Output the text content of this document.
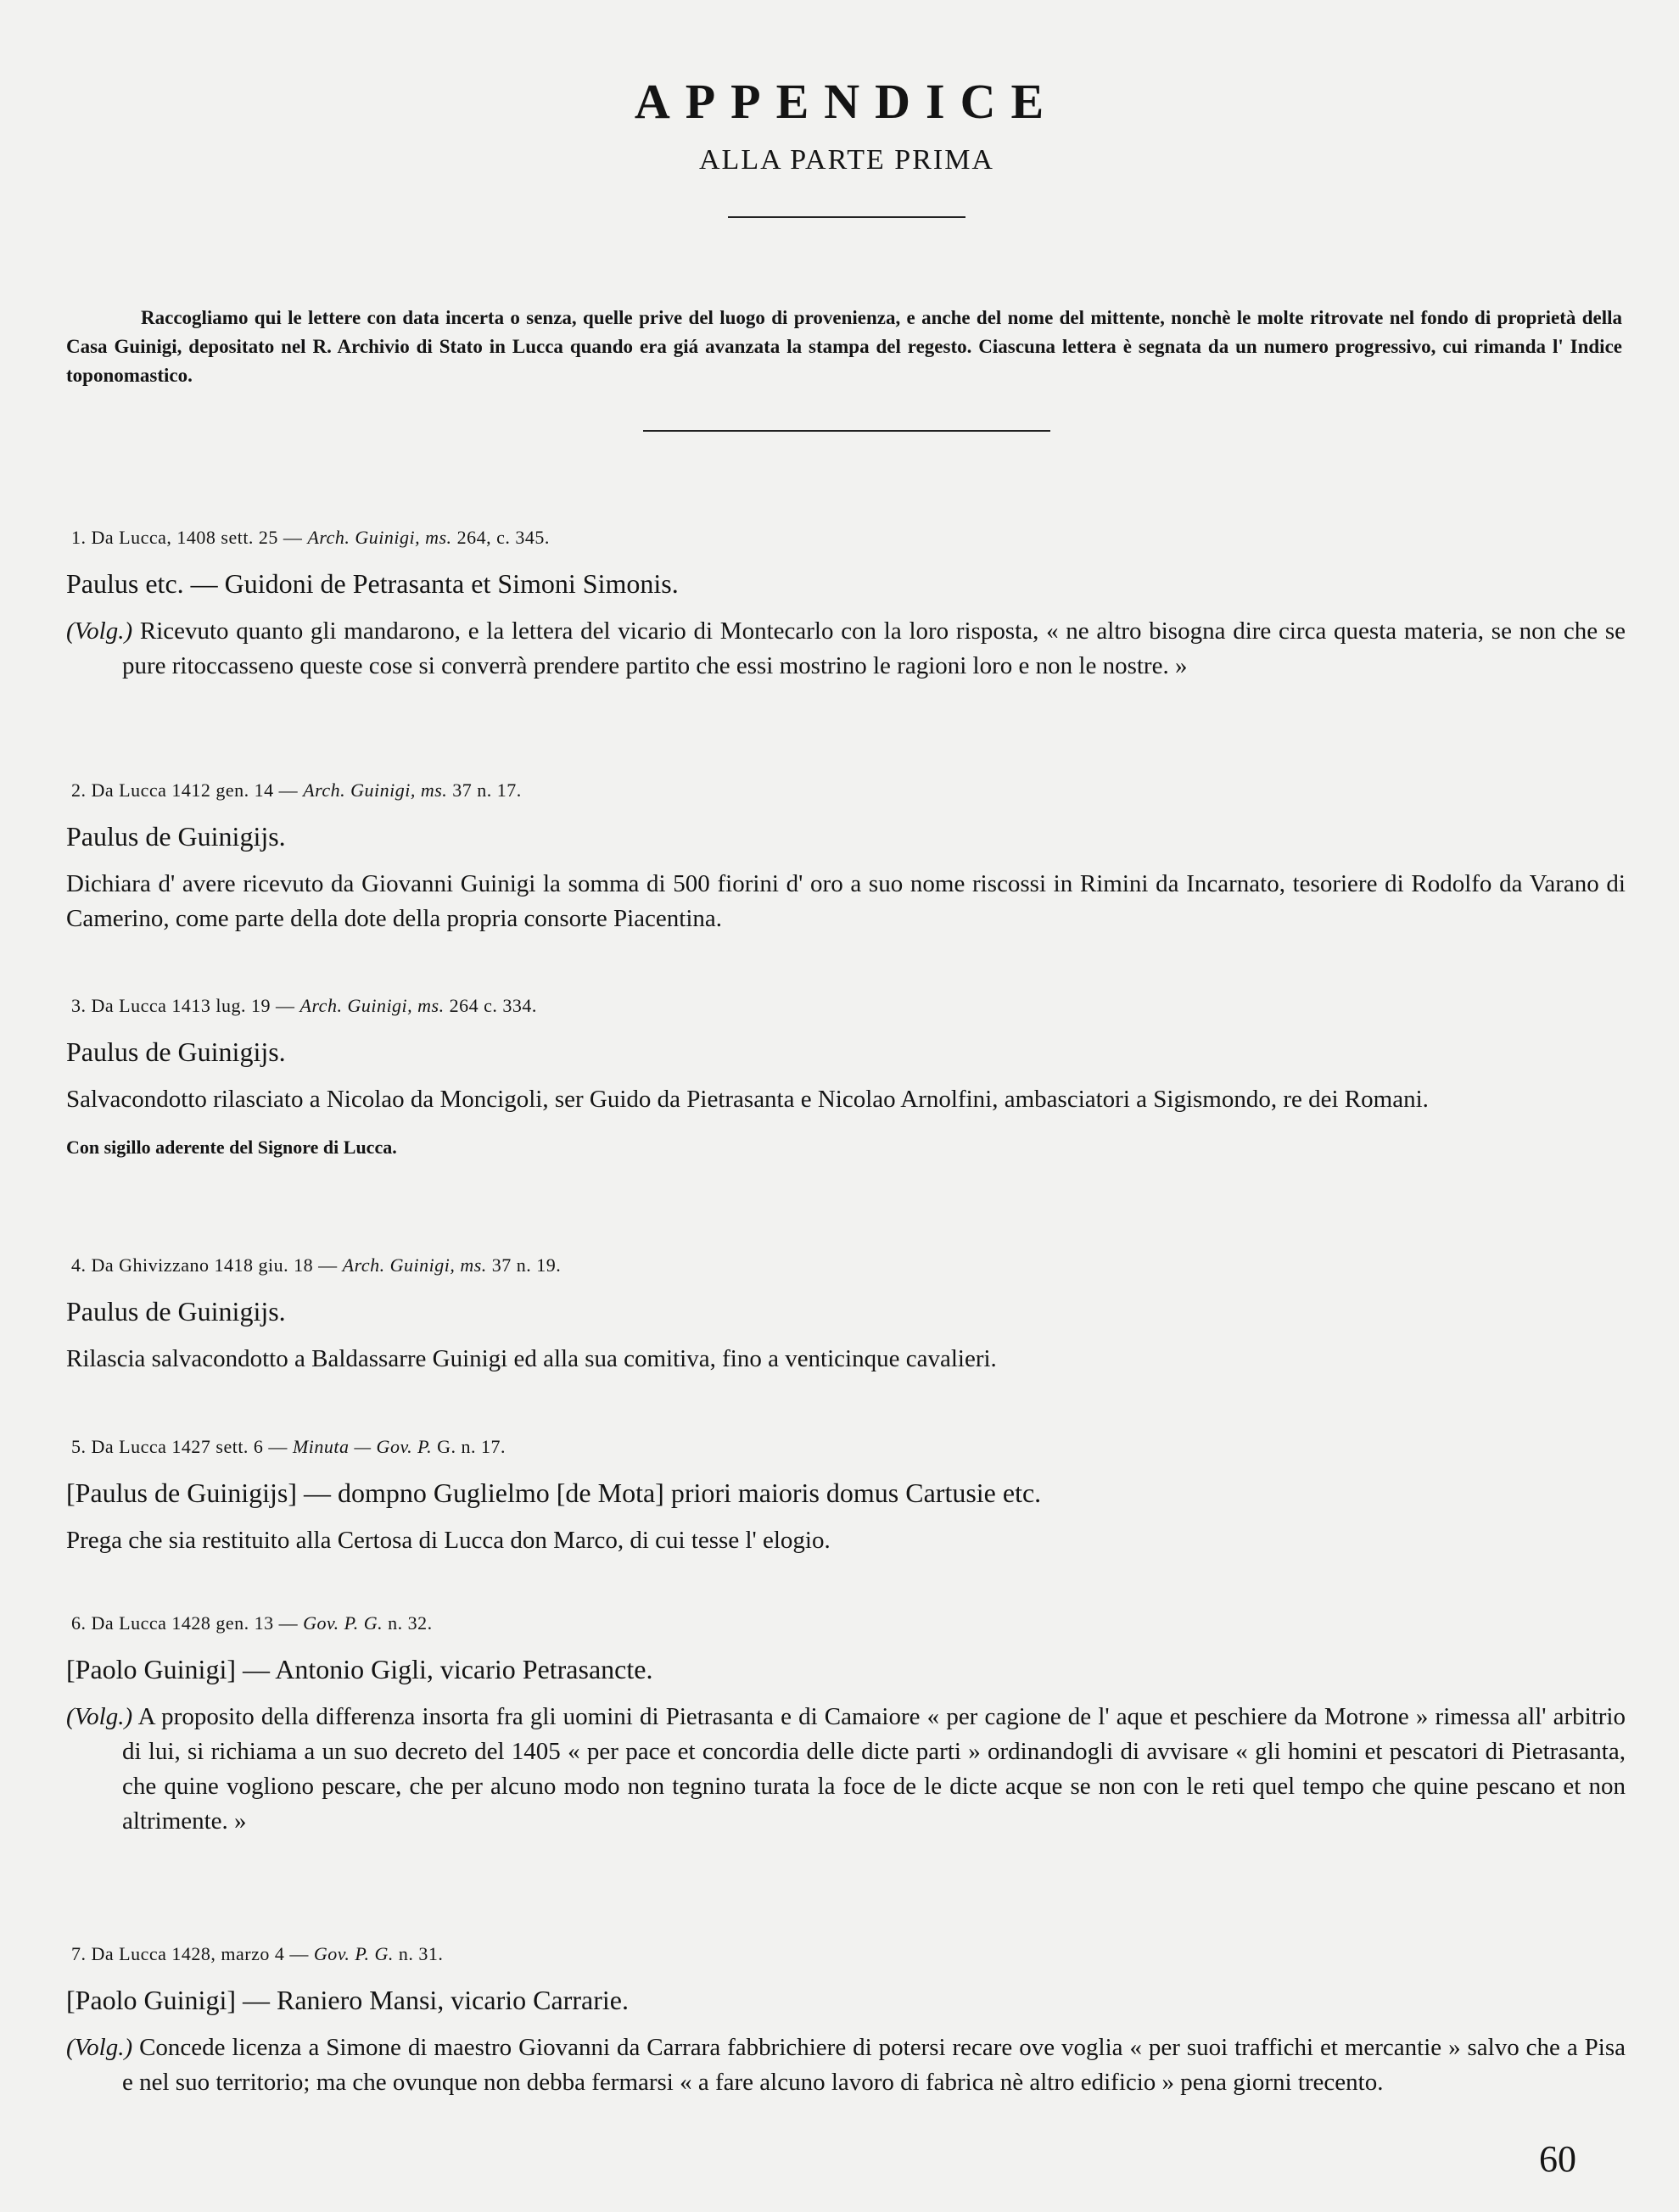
APPENDICE
ALLA PARTE PRIMA
Raccogliamo qui le lettere con data incerta o senza, quelle prive del luogo di provenienza, e anche del nome del mittente, nonchè le molte ritrovate nel fondo di proprietà della Casa Guinigi, depositato nel R. Archivio di Stato in Lucca quando era giá avanzata la stampa del regesto. Ciascuna lettera è segnata da un numero progressivo, cui rimanda l' Indice toponomastico.
1. Da Lucca, 1408 sett. 25 — Arch. Guinigi, ms. 264, c. 345.
Paulus etc. — Guidoni de Petrasanta et Simoni Simonis.
(Volg.) Ricevuto quanto gli mandarono, e la lettera del vicario di Montecarlo con la loro risposta, « ne altro bisogna dire circa questa materia, se non che se pure ritoccasseno queste cose si converrà prendere partito che essi mostrino le ragioni loro e non le nostre. »
2. Da Lucca 1412 gen. 14 — Arch. Guinigi, ms. 37 n. 17.
Paulus de Guinigijs.
Dichiara d' avere ricevuto da Giovanni Guinigi la somma di 500 fiorini d' oro a suo nome riscossi in Rimini da Incarnato, tesoriere di Rodolfo da Varano di Camerino, come parte della dote della propria consorte Piacentina.
3. Da Lucca 1413 lug. 19 — Arch. Guinigi, ms. 264 c. 334.
Paulus de Guinigijs.
Salvacondotto rilasciato a Nicolao da Moncigoli, ser Guido da Pietrasanta e Nicolao Arnolfini, ambasciatori a Sigismondo, re dei Romani.
Con sigillo aderente del Signore di Lucca.
4. Da Ghivizzano 1418 giu. 18 — Arch. Guinigi, ms. 37 n. 19.
Paulus de Guinigijs.
Rilascia salvacondotto a Baldassarre Guinigi ed alla sua comitiva, fino a venticinque cavalieri.
5. Da Lucca 1427 sett. 6 — Minuta — Gov. P. G. n. 17.
[Paulus de Guinigijs] — dompno Guglielmo [de Mota] priori maioris domus Cartusie etc.
Prega che sia restituito alla Certosa di Lucca don Marco, di cui tesse l' elogio.
6. Da Lucca 1428 gen. 13 — Gov. P. G. n. 32.
[Paolo Guinigi] — Antonio Gigli, vicario Petrasancte.
(Volg.) A proposito della differenza insorta fra gli uomini di Pietrasanta e di Camaiore « per cagione de l' aque et peschiere da Motrone » rimessa all' arbitrio di lui, si richiama a un suo decreto del 1405 « per pace et concordia delle dicte parti » ordinandogli di avvisare « gli homini et pescatori di Pietrasanta, che quine vogliono pescare, che per alcuno modo non tegnino turata la foce de le dicte acque se non con le reti quel tempo che quine pescano et non altrimente. »
7. Da Lucca 1428, marzo 4 — Gov. P. G. n. 31.
[Paolo Guinigi] — Raniero Mansi, vicario Carrarie.
(Volg.) Concede licenza a Simone di maestro Giovanni da Carrara fabbrichiere di potersi recare ove voglia « per suoi traffichi et mercantie » salvo che a Pisa e nel suo territorio; ma che ovunque non debba fermarsi « a fare alcuno lavoro di fabrica nè altro edificio » pena giorni trecento.
60
